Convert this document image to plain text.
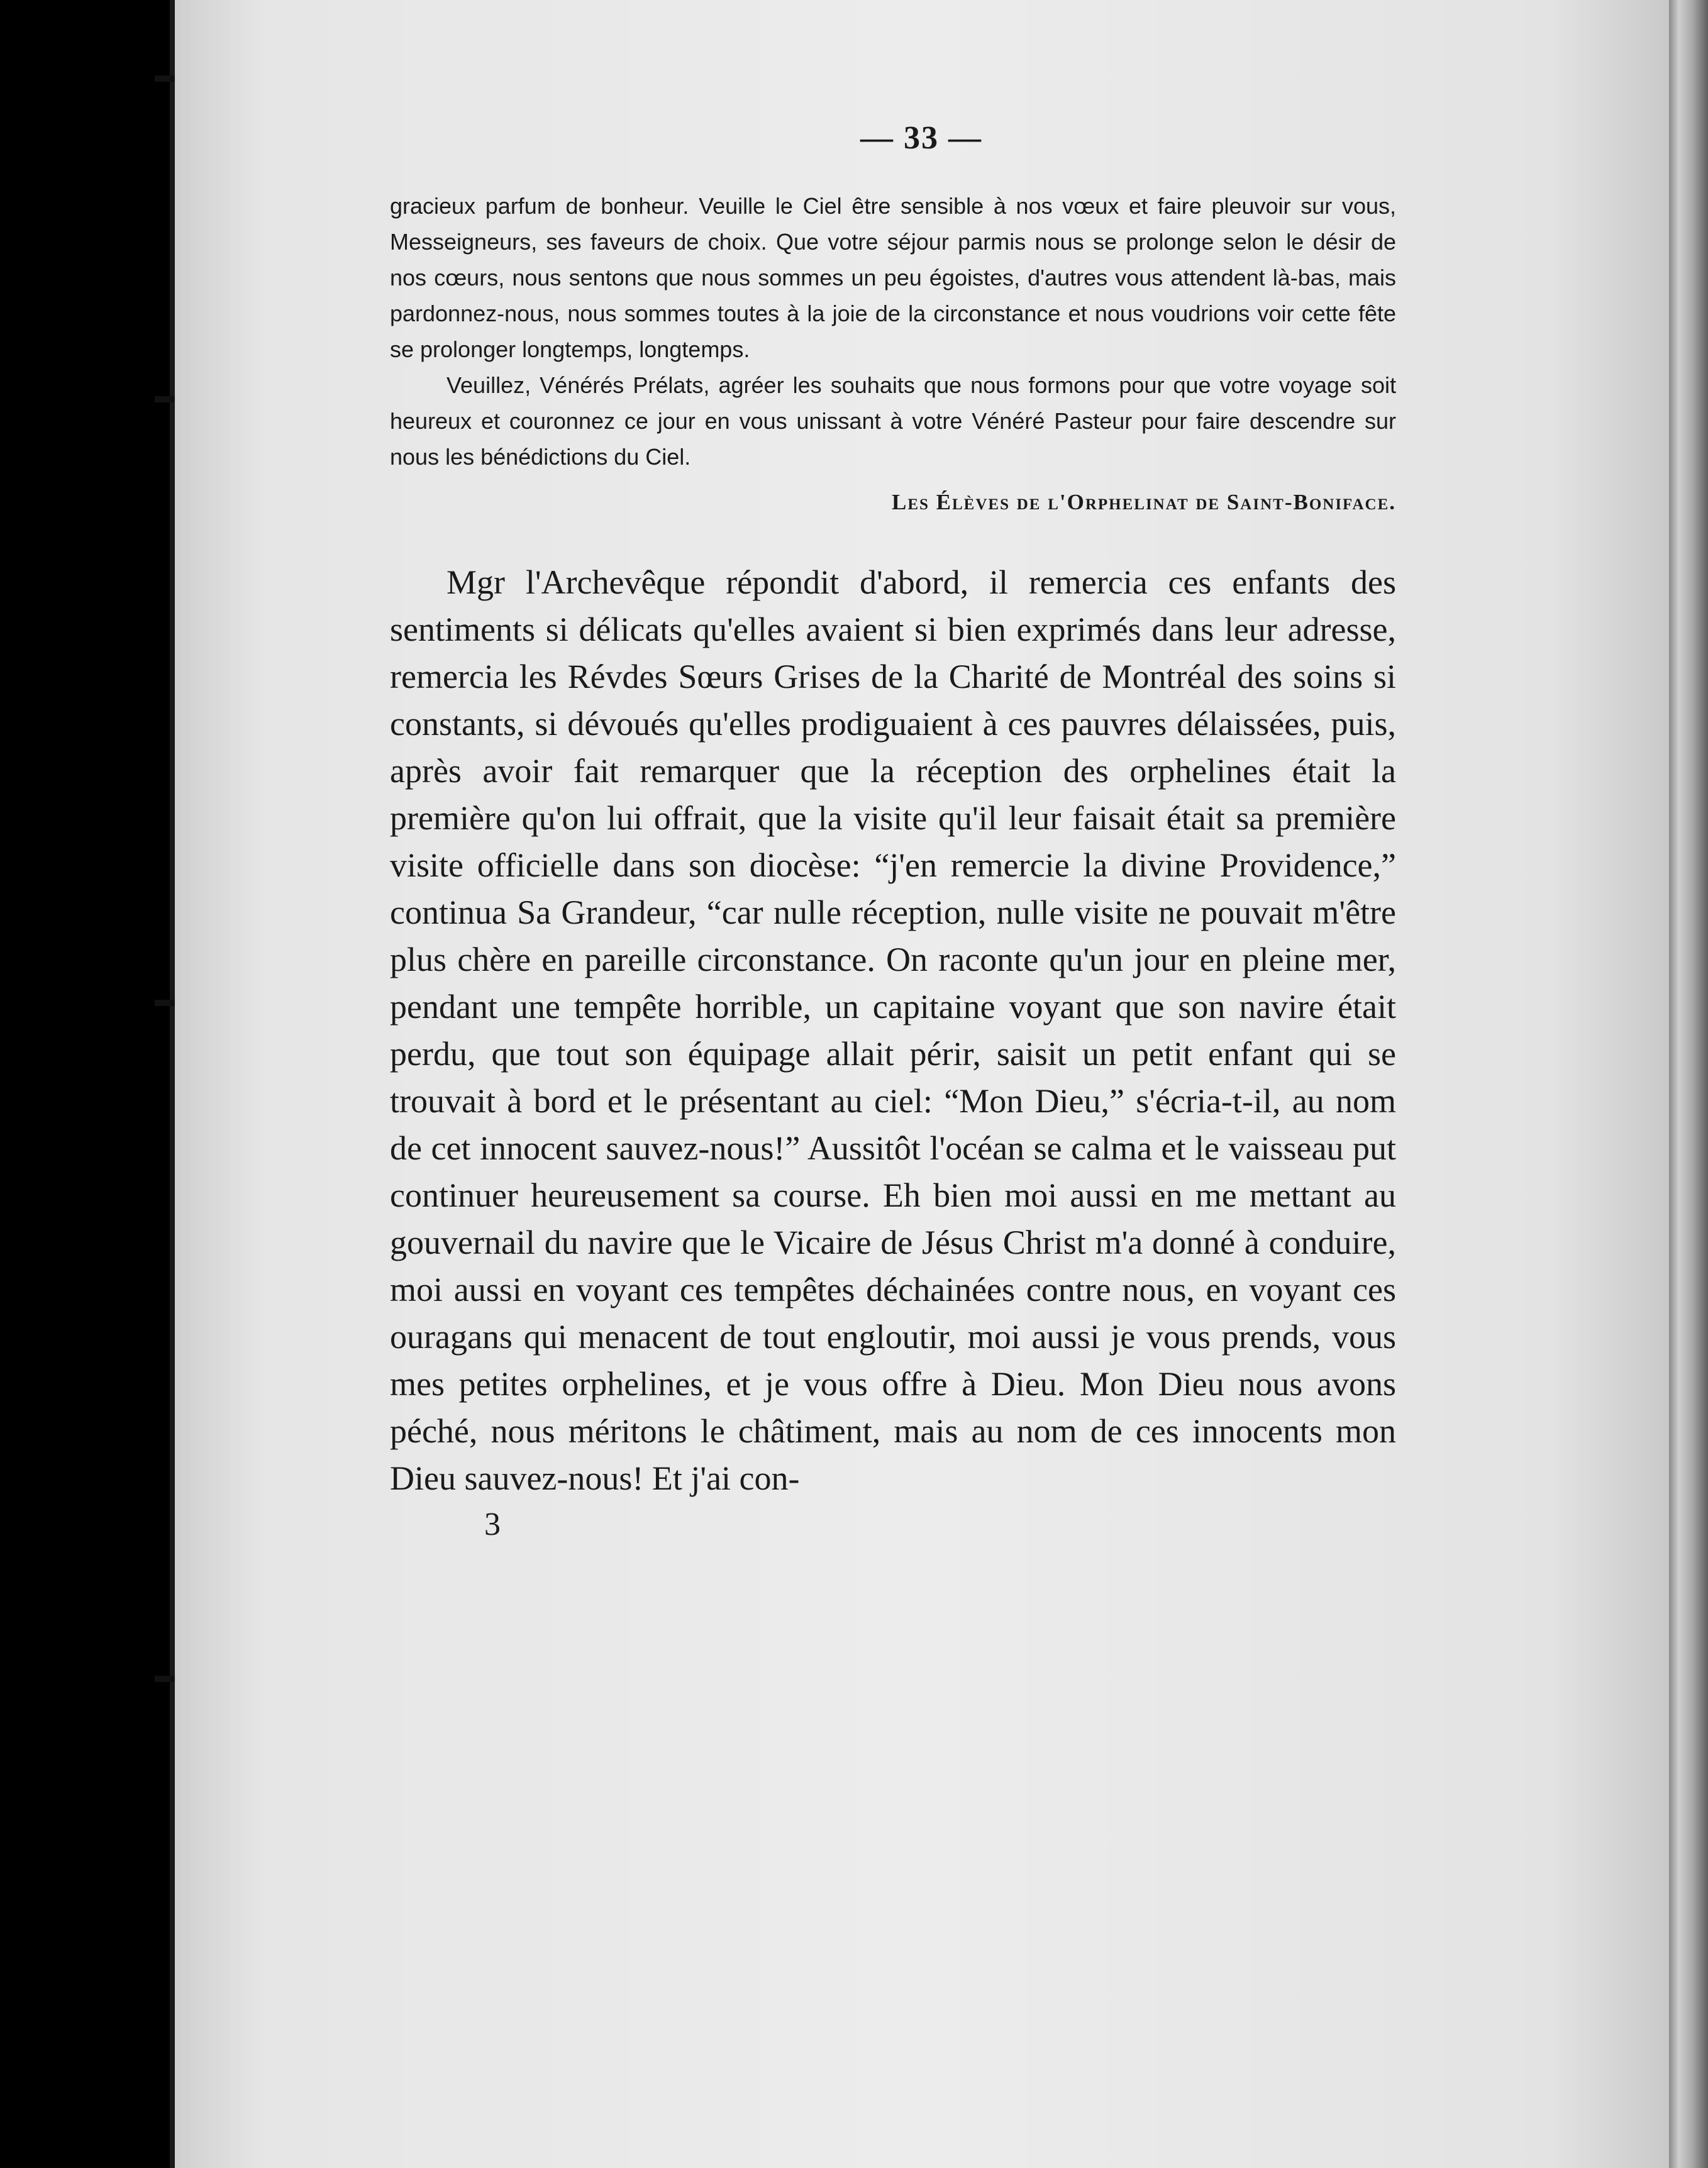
— 33 —

gracieux parfum de bonheur. Veuille le Ciel être sensible à nos vœux et faire pleuvoir sur vous, Messeigneurs, ses faveurs de choix. Que votre séjour parmis nous se prolonge selon le désir de nos cœurs, nous sentons que nous sommes un peu égoistes, d'autres vous attendent là-bas, mais pardonnez-nous, nous sommes toutes à la joie de la circonstance et nous voudrions voir cette fête se prolonger longtemps, longtemps.

Veuillez, Vénérés Prélats, agréer les souhaits que nous formons pour que votre voyage soit heureux et couronnez ce jour en vous unissant à votre Vénéré Pasteur pour faire descendre sur nous les bénédictions du Ciel.

Les Élèves de l'Orphelinat de Saint-Boniface.

Mgr l'Archevêque répondit d'abord, il remercia ces enfants des sentiments si délicats qu'elles avaient si bien exprimés dans leur adresse, remercia les Révdes Sœurs Grises de la Charité de Montréal des soins si constants, si dévoués qu'elles prodiguaient à ces pauvres délaissées, puis, après avoir fait remarquer que la réception des orphelines était la première qu'on lui offrait, que la visite qu'il leur faisait était sa première visite officielle dans son diocèse: “j'en remercie la divine Providence,” continua Sa Grandeur, “car nulle réception, nulle visite ne pouvait m'être plus chère en pareille circonstance. On raconte qu'un jour en pleine mer, pendant une tempête horrible, un capitaine voyant que son navire était perdu, que tout son équipage allait périr, saisit un petit enfant qui se trouvait à bord et le présentant au ciel: “Mon Dieu,” s'écria-t-il, au nom de cet innocent sauvez-nous!” Aussitôt l'océan se calma et le vaisseau put continuer heureusement sa course. Eh bien moi aussi en me mettant au gouvernail du navire que le Vicaire de Jésus Christ m'a donné à conduire, moi aussi en voyant ces tempêtes déchainées contre nous, en voyant ces ouragans qui menacent de tout engloutir, moi aussi je vous prends, vous mes petites orphelines, et je vous offre à Dieu. Mon Dieu nous avons péché, nous méritons le châtiment, mais au nom de ces innocents mon Dieu sauvez-nous! Et j'ai con-

3
